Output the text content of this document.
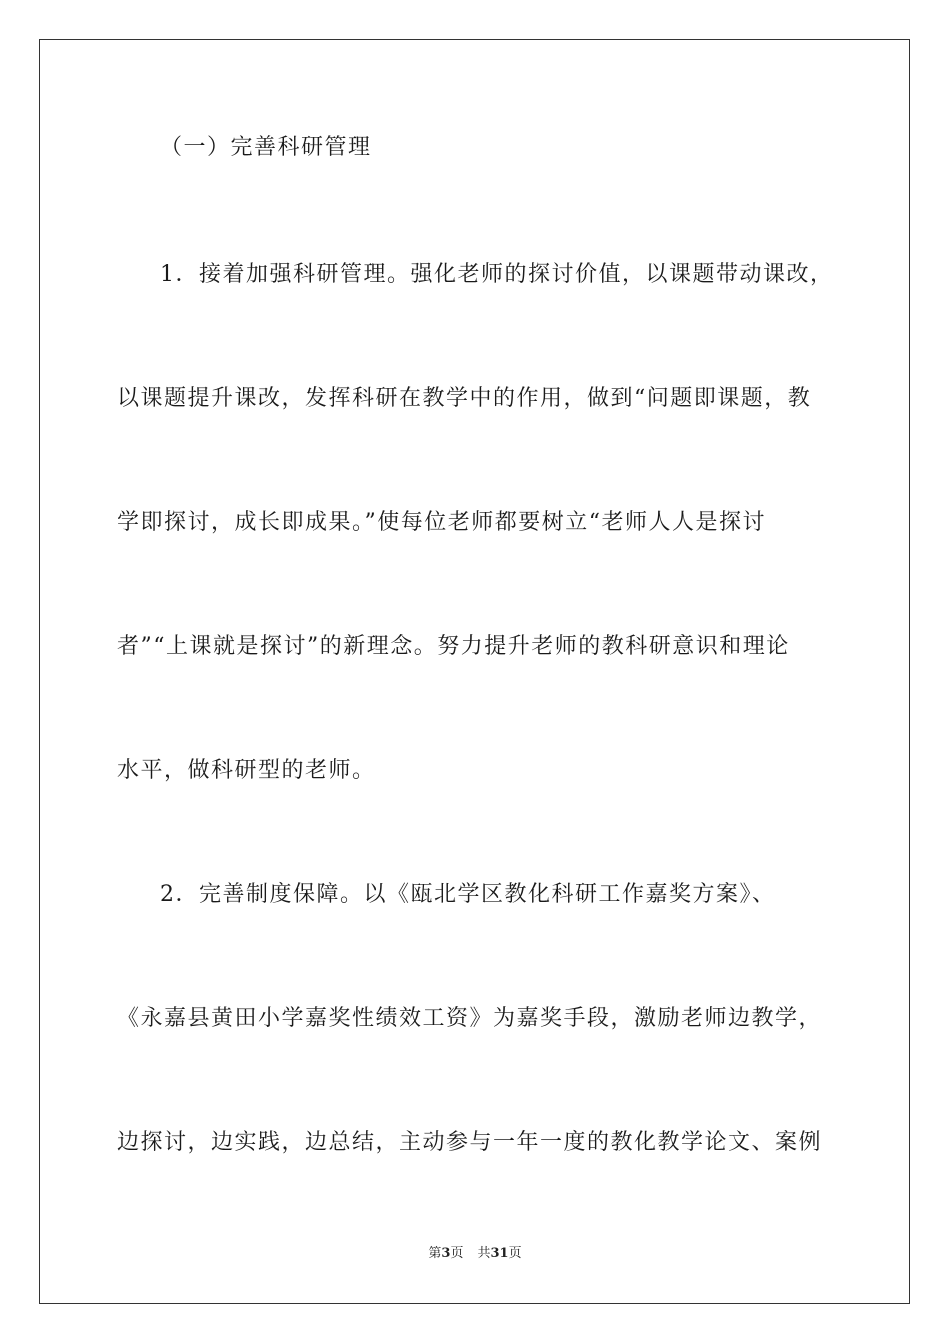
（一）完善科研管理
1．接着加强科研管理。强化老师的探讨价值，以课题带动课改，
以课题提升课改，发挥科研在教学中的作用，做到“问题即课题，教
学即探讨，成长即成果。”使每位老师都要树立“老师人人是探讨
者”“上课就是探讨”的新理念。努力提升老师的教科研意识和理论
水平，做科研型的老师。
2．完善制度保障。以《瓯北学区教化科研工作嘉奖方案》、
《永嘉县黄田小学嘉奖性绩效工资》为嘉奖手段，激励老师边教学，
边探讨，边实践，边总结，主动参与一年一度的教化教学论文、案例
第3页 共31页
